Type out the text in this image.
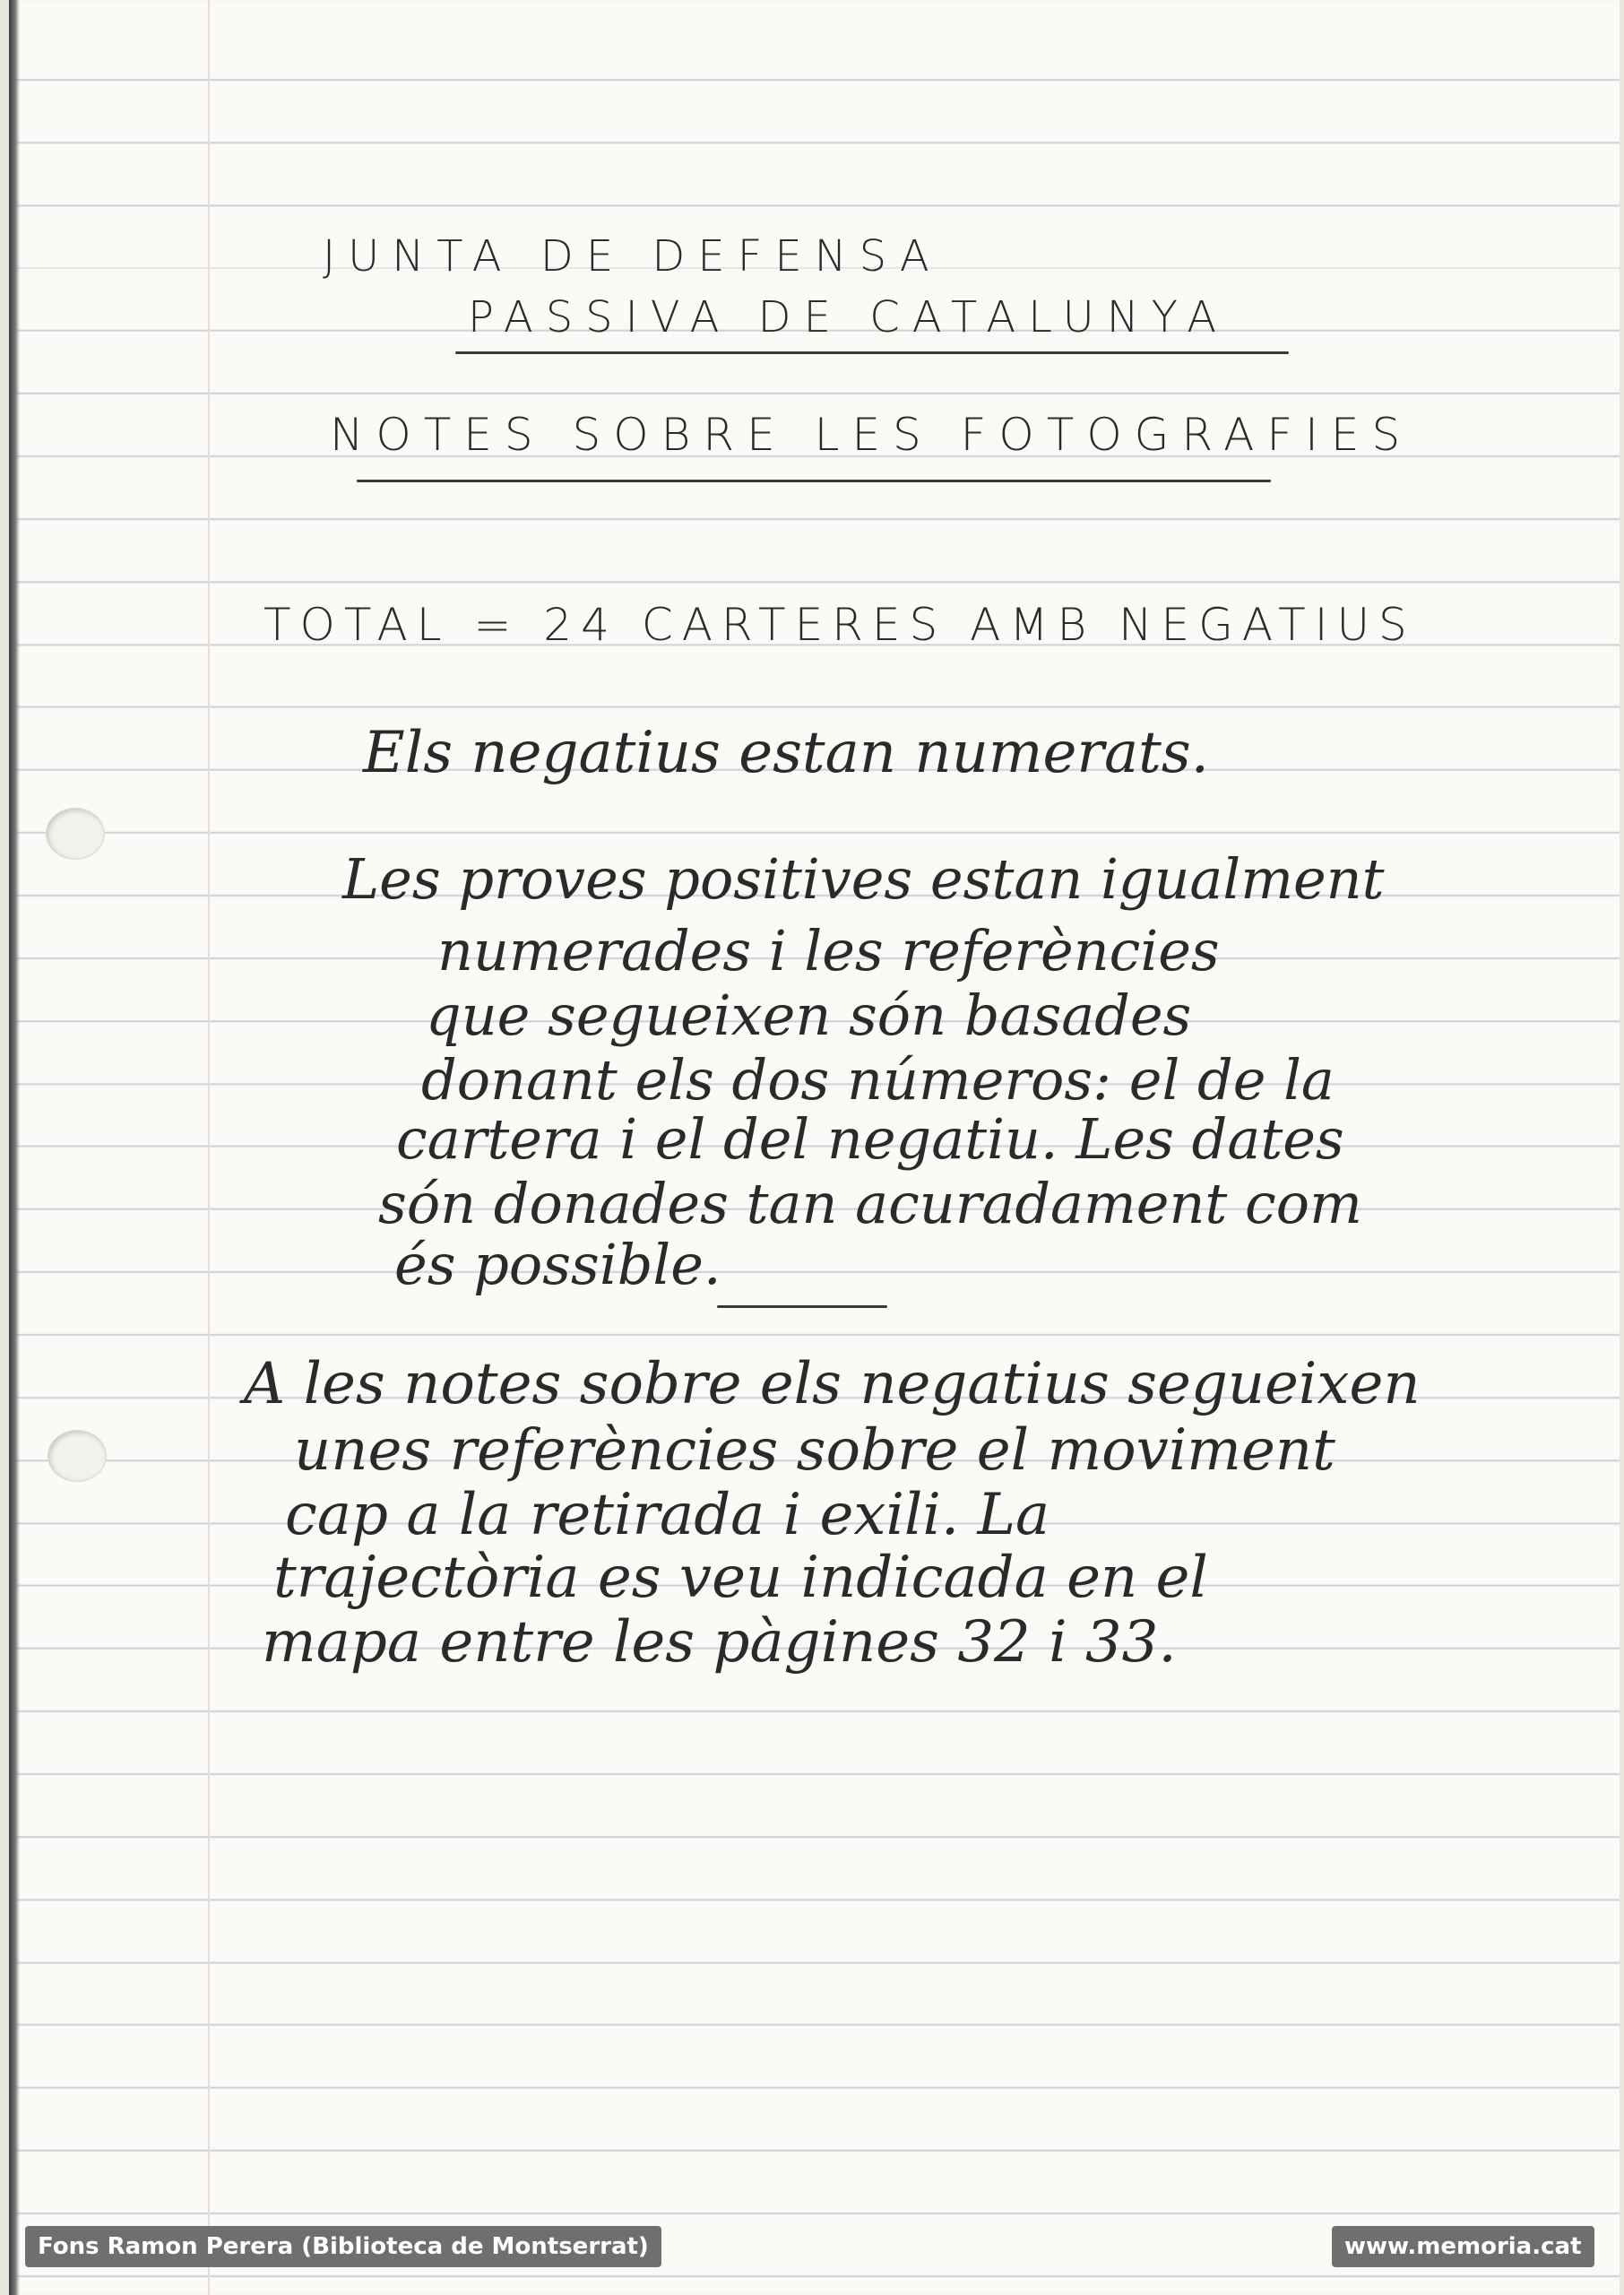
JUNTA DE DEFENSA
PASSIVA DE CATALUNYA
NOTES SOBRE LES FOTOGRAFIES
TOTAL = 24 CARTERES AMB NEGATIUS
Els negatius estan numerats.
Les proves positives estan igualment
numerades i les referències
que segueixen són basades
donant els dos números: el de la
cartera i el del negatiu. Les dates
són donades tan acuradament com
és possible.
A les notes sobre els negatius segueixen
unes referències sobre el moviment
cap a la retirada i exili. La
trajectòria es veu indicada en el
mapa entre les pàgines 32 i 33.
Fons Ramon Perera (Biblioteca de Montserrat)	www.memoria.cat
